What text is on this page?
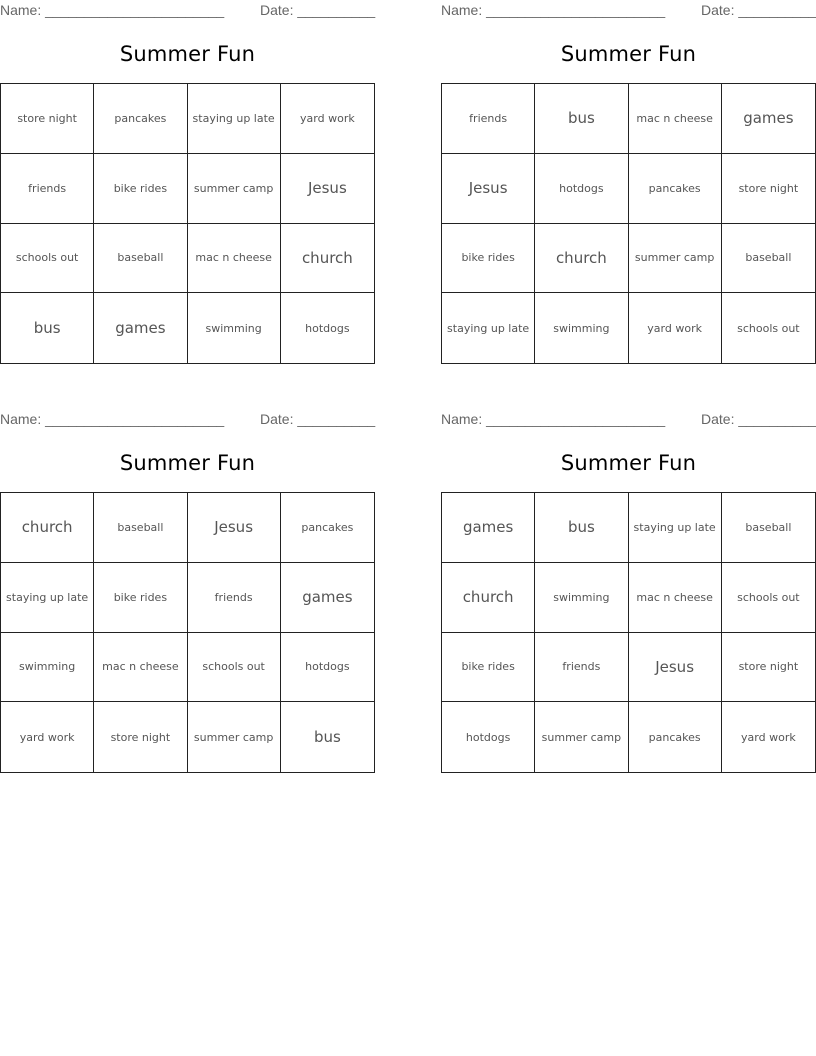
Name: _______________________	Date: __________
Summer Fun
store night	pancakes	staying up late	yard work
friends	bike rides	summer camp	Jesus
schools out	baseball	mac n cheese	church
bus	games	swimming	hotdogs
Name: _______________________	Date: __________
Summer Fun
friends	bus	mac n cheese	games
Jesus	hotdogs	pancakes	store night
bike rides	church	summer camp	baseball
staying up late	swimming	yard work	schools out
Name: _______________________	Date: __________
Summer Fun
church	baseball	Jesus	pancakes
staying up late	bike rides	friends	games
swimming	mac n cheese	schools out	hotdogs
yard work	store night	summer camp	bus
Name: _______________________	Date: __________
Summer Fun
games	bus	staying up late	baseball
church	swimming	mac n cheese	schools out
bike rides	friends	Jesus	store night
hotdogs	summer camp	pancakes	yard work
